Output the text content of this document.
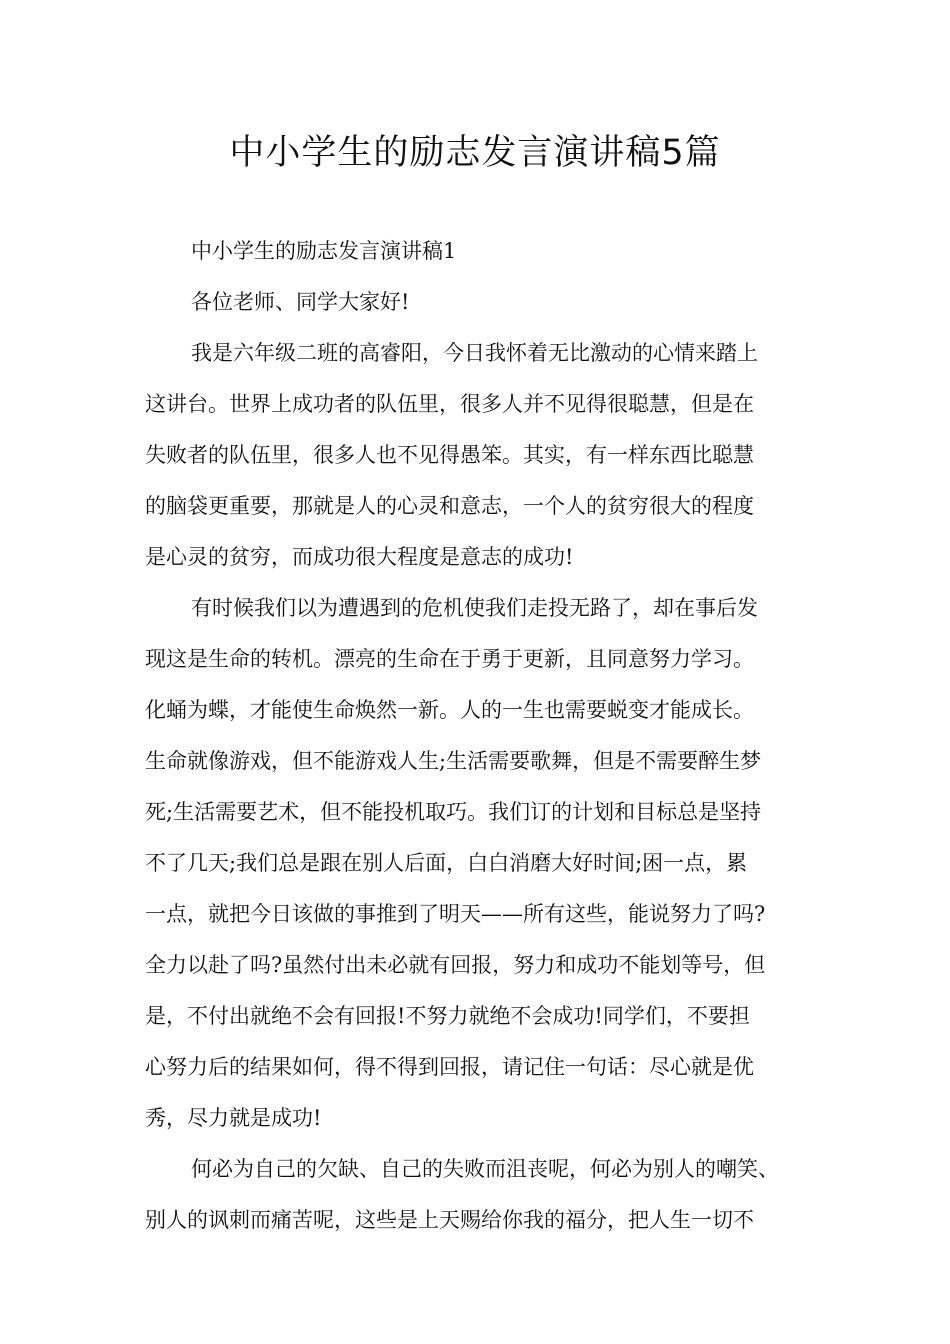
中小学生的励志发言演讲稿5篇

中小学生的励志发言演讲稿1

各位老师、同学大家好!

我是六年级二班的高睿阳，今日我怀着无比激动的心情来踏上

这讲台。世界上成功者的队伍里，很多人并不见得很聪慧，但是在

失败者的队伍里，很多人也不见得愚笨。其实，有一样东西比聪慧

的脑袋更重要，那就是人的心灵和意志，一个人的贫穷很大的程度

是心灵的贫穷，而成功很大程度是意志的成功!

有时候我们以为遭遇到的危机使我们走投无路了，却在事后发

现这是生命的转机。漂亮的生命在于勇于更新，且同意努力学习。

化蛹为蝶，才能使生命焕然一新。人的一生也需要蜕变才能成长。

生命就像游戏，但不能游戏人生;生活需要歌舞，但是不需要醉生梦

死;生活需要艺术，但不能投机取巧。我们订的计划和目标总是坚持

不了几天;我们总是跟在别人后面，白白消磨大好时间;困一点，累

一点，就把今日该做的事推到了明天——所有这些，能说努力了吗?

全力以赴了吗?虽然付出未必就有回报，努力和成功不能划等号，但

是，不付出就绝不会有回报!不努力就绝不会成功!同学们，不要担

心努力后的结果如何，得不得到回报，请记住一句话：尽心就是优

秀，尽力就是成功!

何必为自己的欠缺、自己的失败而沮丧呢，何必为别人的嘲笑、

别人的讽刺而痛苦呢，这些是上天赐给你我的福分，把人生一切不
